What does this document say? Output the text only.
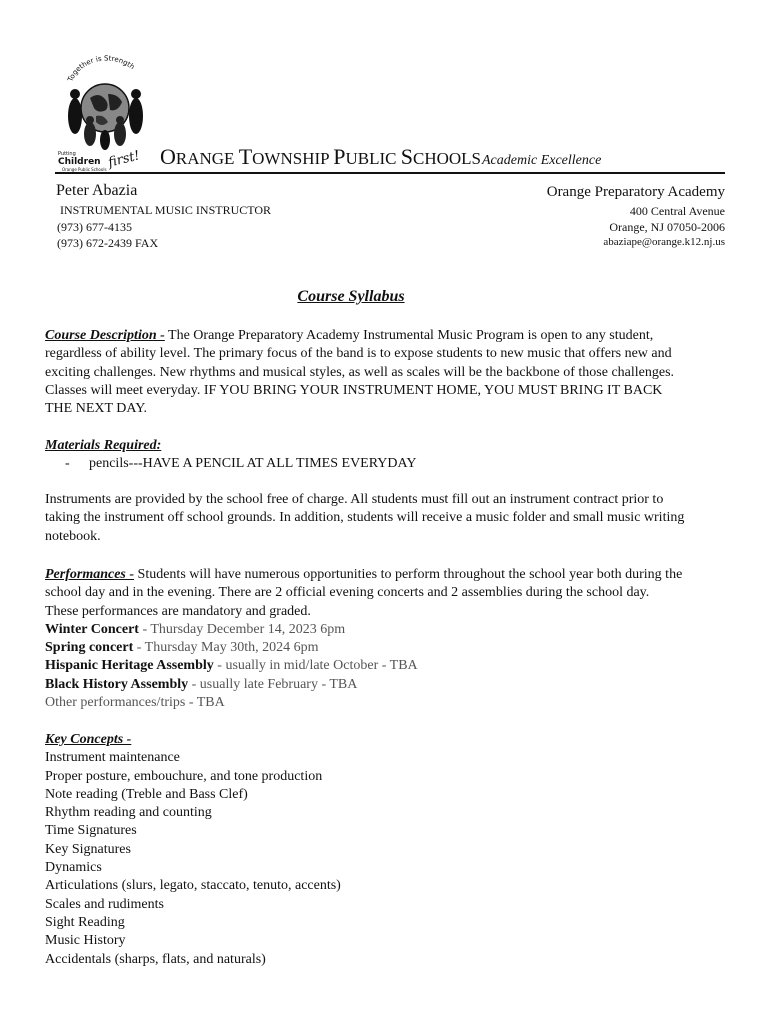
Together is Strength
Putting
Children first!
Orange Public Schools
ORANGE TOWNSHIP PUBLIC SCHOOLSAcademic Excellence
Peter Abazia
INSTRUMENTAL MUSIC INSTRUCTOR
(973) 677-4135
(973) 672-2439 FAX
Orange Preparatory Academy
400 Central Avenue
Orange, NJ 07050-2006
abaziape@orange.k12.nj.us
Course Syllabus
Course Description - The Orange Preparatory Academy Instrumental Music Program is open to any student, regardless of ability level. The primary focus of the band is to expose students to new music that offers new and exciting challenges. New rhythms and musical styles, as well as scales will be the backbone of those challenges. Classes will meet everyday. IF YOU BRING YOUR INSTRUMENT HOME, YOU MUST BRING IT BACK THE NEXT DAY.
Materials Required:
- pencils---HAVE A PENCIL AT ALL TIMES EVERYDAY
Instruments are provided by the school free of charge. All students must fill out an instrument contract prior to taking the instrument off school grounds. In addition, students will receive a music folder and small music writing notebook.
Performances - Students will have numerous opportunities to perform throughout the school year both during the school day and in the evening. There are 2 official evening concerts and 2 assemblies during the school day. These performances are mandatory and graded.
Winter Concert - Thursday December 14, 2023 6pm
Spring concert - Thursday May 30th, 2024 6pm
Hispanic Heritage Assembly - usually in mid/late October - TBA
Black History Assembly - usually late February - TBA
Other performances/trips - TBA
Key Concepts -
Instrument maintenance
Proper posture, embouchure, and tone production
Note reading (Treble and Bass Clef)
Rhythm reading and counting
Time Signatures
Key Signatures
Dynamics
Articulations (slurs, legato, staccato, tenuto, accents)
Scales and rudiments
Sight Reading
Music History
Accidentals (sharps, flats, and naturals)
